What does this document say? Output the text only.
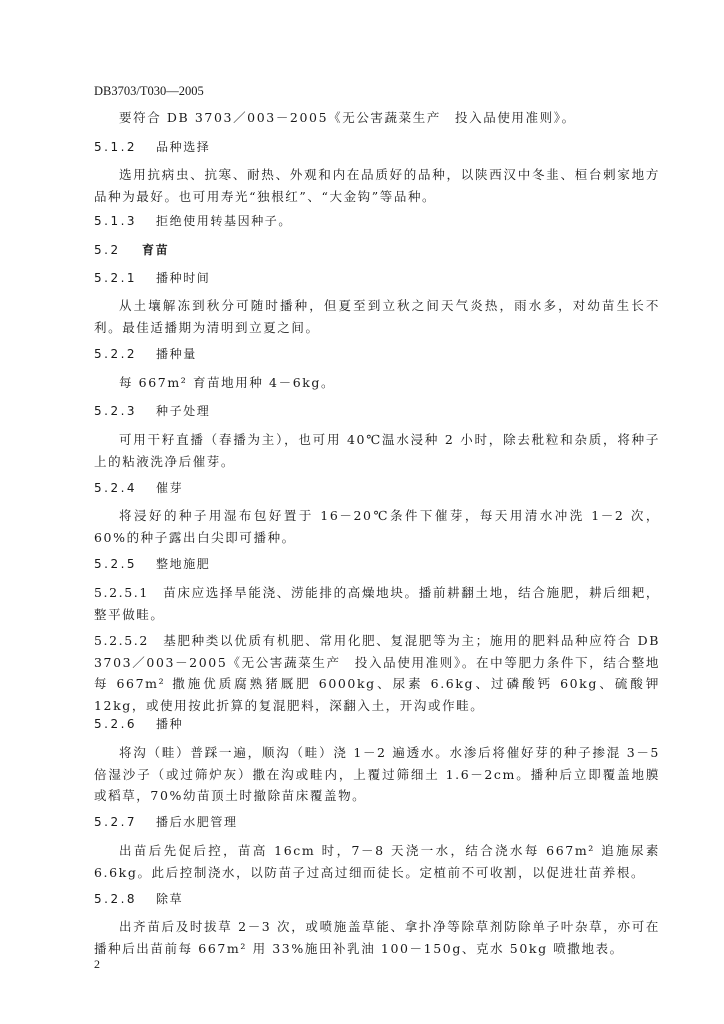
DB3703/T030—2005

要符合 DB 3703／003－2005《无公害蔬菜生产　投入品使用准则》。

5.1.2 品种选择

选用抗病虫、抗寒、耐热、外观和内在品质好的品种，以陕西汉中冬韭、桓台剌家地方品种为最好。也可用寿光“独根红”、“大金钩”等品种。

5.1.3 拒绝使用转基因种子。

5.2 育苗

5.2.1 播种时间

从土壤解冻到秋分可随时播种，但夏至到立秋之间天气炎热，雨水多，对幼苗生长不利。最佳适播期为清明到立夏之间。

5.2.2 播种量

每 667m² 育苗地用种 4－6kg。

5.2.3 种子处理

可用干籽直播（春播为主），也可用 40℃温水浸种 2 小时，除去秕粒和杂质，将种子上的粘液洗净后催芽。

5.2.4 催芽

将浸好的种子用湿布包好置于 16－20℃条件下催芽，每天用清水冲洗 1－2 次，60%的种子露出白尖即可播种。

5.2.5 整地施肥

5.2.5.1　苗床应选择旱能浇、涝能排的高燥地块。播前耕翻土地，结合施肥，耕后细耙，整平做畦。

5.2.5.2　基肥种类以优质有机肥、常用化肥、复混肥等为主；施用的肥料品种应符合 DB 3703／003－2005《无公害蔬菜生产　投入品使用准则》。在中等肥力条件下，结合整地每 667m² 撒施优质腐熟猪厩肥 6000kg、尿素 6.6kg、过磷酸钙 60kg、硫酸钾 12kg，或使用按此折算的复混肥料，深翻入土，开沟或作畦。

5.2.6 播种

将沟（畦）普踩一遍，顺沟（畦）浇 1－2 遍透水。水渗后将催好芽的种子掺混 3－5 倍湿沙子（或过筛炉灰）撒在沟或畦内，上覆过筛细土 1.6－2cm。播种后立即覆盖地膜或稻草，70%幼苗顶土时撤除苗床覆盖物。

5.2.7 播后水肥管理

出苗后先促后控，苗高 16cm 时，7－8 天浇一水，结合浇水每 667m² 追施尿素 6.6kg。此后控制浇水，以防苗子过高过细而徒长。定植前不可收割，以促进壮苗养根。

5.2.8 除草

出齐苗后及时拔草 2－3 次，或喷施盖草能、拿扑净等除草剂防除单子叶杂草，亦可在播种后出苗前每 667m² 用 33%施田补乳油 100－150g、克水 50kg 喷撒地表。

2
